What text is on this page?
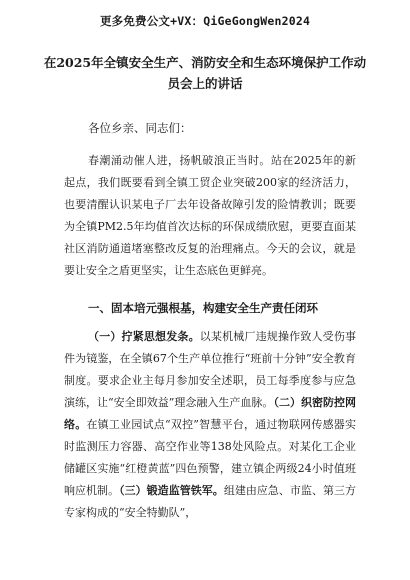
更多免费公文+VX：QiGeGongWen2024
在2025年全镇安全生产、消防安全和生态环境保护工作动
员会上的讲话
各位乡亲、同志们：

春潮涌动催人进，扬帆破浪正当时。站在2025年的新起点，我们既要看到全镇工贸企业突破200家的经济活力，也要清醒认识某电子厂去年设备故障引发的险情教训；既要为全镇PM2.5年均值首次达标的环保成绩欣慰，更要直面某社区消防通道堵塞整改反复的治理痛点。今天的会议，就是要让安全之盾更坚实，让生态底色更鲜亮。

一、固本培元强根基，构建安全生产责任闭环

（一）拧紧思想发条。以某机械厂违规操作致人受伤事件为镜鉴，在全镇67个生产单位推行“班前十分钟”安全教育制度。要求企业主每月参加安全述职，员工每季度参与应急演练，让“安全即效益”理念融入生产血脉。（二）织密防控网络。在镇工业园试点“双控”智慧平台，通过物联网传感器实时监测压力容器、高空作业等138处风险点。对某化工企业储罐区实施“红橙黄蓝”四色预警，建立镇企两级24小时值班响应机制。（三）锻造监管铁军。组建由应急、市监、第三方专家构成的“安全特勤队”，
